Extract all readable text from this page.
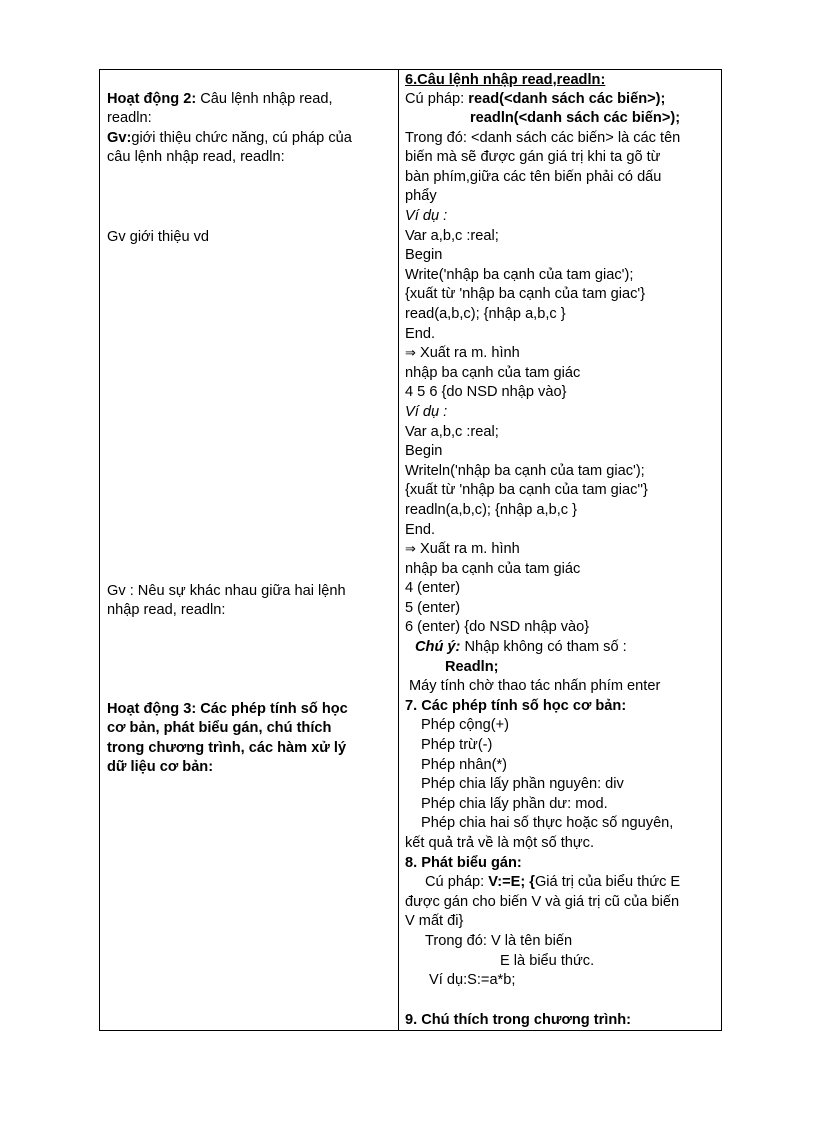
Hoạt động 2: Câu lệnh nhập read,
readln:
Gv:giới thiệu chức năng, cú pháp của
câu lệnh nhập read, readln:
Gv giới thiệu vd
Gv : Nêu sự khác nhau giữa hai lệnh
nhập read, readln:
Hoạt động 3: Các phép tính số học
cơ bản, phát biểu gán, chú thích
trong chương trình, các hàm xử lý
dữ liệu cơ bản:

6.Câu lệnh nhập read,readln:
Cú pháp: read(<danh sách các biến>);
readln(<danh sách các biến>);
Trong đó: <danh sách các biến> là các tên
biến mà sẽ được gán giá trị khi ta gõ từ
bàn phím,giữa các tên biến phải có dấu
phẩy
Ví dụ :
Var a,b,c :real;
Begin
Write('nhập ba cạnh của tam giac');
{xuất từ 'nhập ba cạnh của tam giac'}
read(a,b,c); {nhập a,b,c }
End.
⇒ Xuất ra m. hình
nhập ba cạnh của tam giác
4 5 6 {do NSD nhập vào}
Ví dụ :
Var a,b,c :real;
Begin
Writeln('nhập ba cạnh của tam giac');
{xuất từ 'nhập ba cạnh của tam giac''}
readln(a,b,c); {nhập a,b,c }
End.
⇒ Xuất ra m. hình
nhập ba cạnh của tam giác
4 (enter)
5 (enter)
6 (enter) {do NSD nhập vào}
Chú ý: Nhập không có tham số :
Readln;
Máy tính chờ thao tác nhấn phím enter
7. Các phép tính số học cơ bản:
Phép cộng(+)
Phép trừ(-)
Phép nhân(*)
Phép chia lấy phần nguyên: div
Phép chia lấy phần dư: mod.
Phép chia hai số thực hoặc số nguyên,
kết quả trả về là một số thực.
8. Phát biểu gán:
Cú pháp: V:=E; {Giá trị của biểu thức E
được gán cho biến V và giá trị cũ của biến
V mất đi}
Trong đó: V là tên biến
E là biểu thức.
Ví dụ:S:=a*b;
9. Chú thích trong chương trình:
